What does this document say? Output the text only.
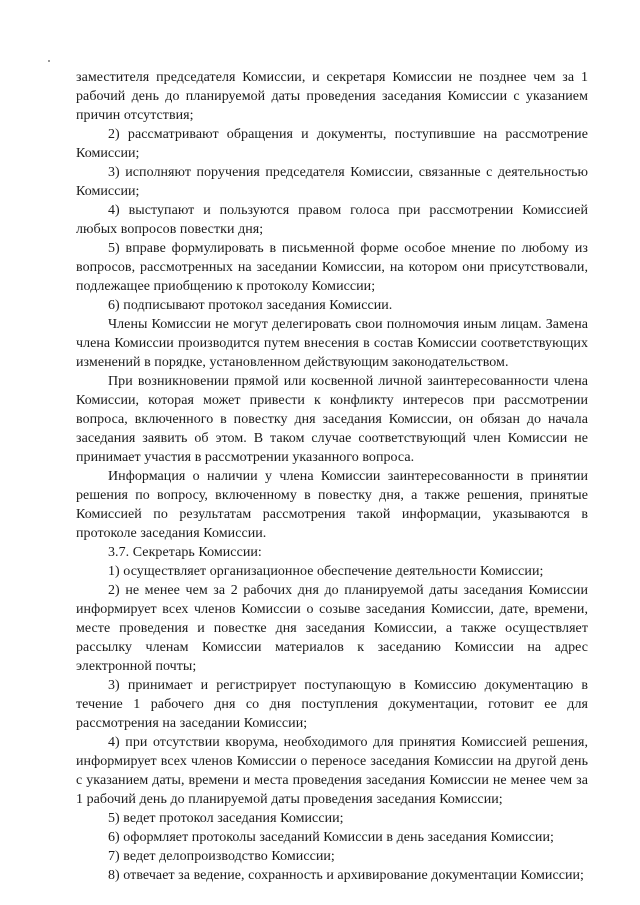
заместителя председателя Комиссии, и секретаря Комиссии не позднее чем за 1 рабочий день до планируемой даты проведения заседания Комиссии с указанием причин отсутствия;

2) рассматривают обращения и документы, поступившие на рассмотрение Комиссии;

3) исполняют поручения председателя Комиссии, связанные с деятельностью Комиссии;

4) выступают и пользуются правом голоса при рассмотрении Комиссией любых вопросов повестки дня;

5) вправе формулировать в письменной форме особое мнение по любому из вопросов, рассмотренных на заседании Комиссии, на котором они присутствовали, подлежащее приобщению к протоколу Комиссии;

6) подписывают протокол заседания Комиссии.

Члены Комиссии не могут делегировать свои полномочия иным лицам. Замена члена Комиссии производится путем внесения в состав Комиссии соответствующих изменений в порядке, установленном действующим законодательством.

При возникновении прямой или косвенной личной заинтересованности члена Комиссии, которая может привести к конфликту интересов при рассмотрении вопроса, включенного в повестку дня заседания Комиссии, он обязан до начала заседания заявить об этом. В таком случае соответствующий член Комиссии не принимает участия в рассмотрении указанного вопроса.

Информация о наличии у члена Комиссии заинтересованности в принятии решения по вопросу, включенному в повестку дня, а также решения, принятые Комиссией по результатам рассмотрения такой информации, указываются в протоколе заседания Комиссии.

3.7. Секретарь Комиссии:

1) осуществляет организационное обеспечение деятельности Комиссии;

2) не менее чем за 2 рабочих дня до планируемой даты заседания Комиссии информирует всех членов Комиссии о созыве заседания Комиссии, дате, времени, месте проведения и повестке дня заседания Комиссии, а также осуществляет рассылку членам Комиссии материалов к заседанию Комиссии на адрес электронной почты;

3) принимает и регистрирует поступающую в Комиссию документацию в течение 1 рабочего дня со дня поступления документации, готовит ее для рассмотрения на заседании Комиссии;

4) при отсутствии кворума, необходимого для принятия Комиссией решения, информирует всех членов Комиссии о переносе заседания Комиссии на другой день с указанием даты, времени и места проведения заседания Комиссии не менее чем за 1 рабочий день до планируемой даты проведения заседания Комиссии;

5) ведет протокол заседания Комиссии;

6) оформляет протоколы заседаний Комиссии в день заседания Комиссии;

7) ведет делопроизводство Комиссии;

8) отвечает за ведение, сохранность и архивирование документации Комиссии;
